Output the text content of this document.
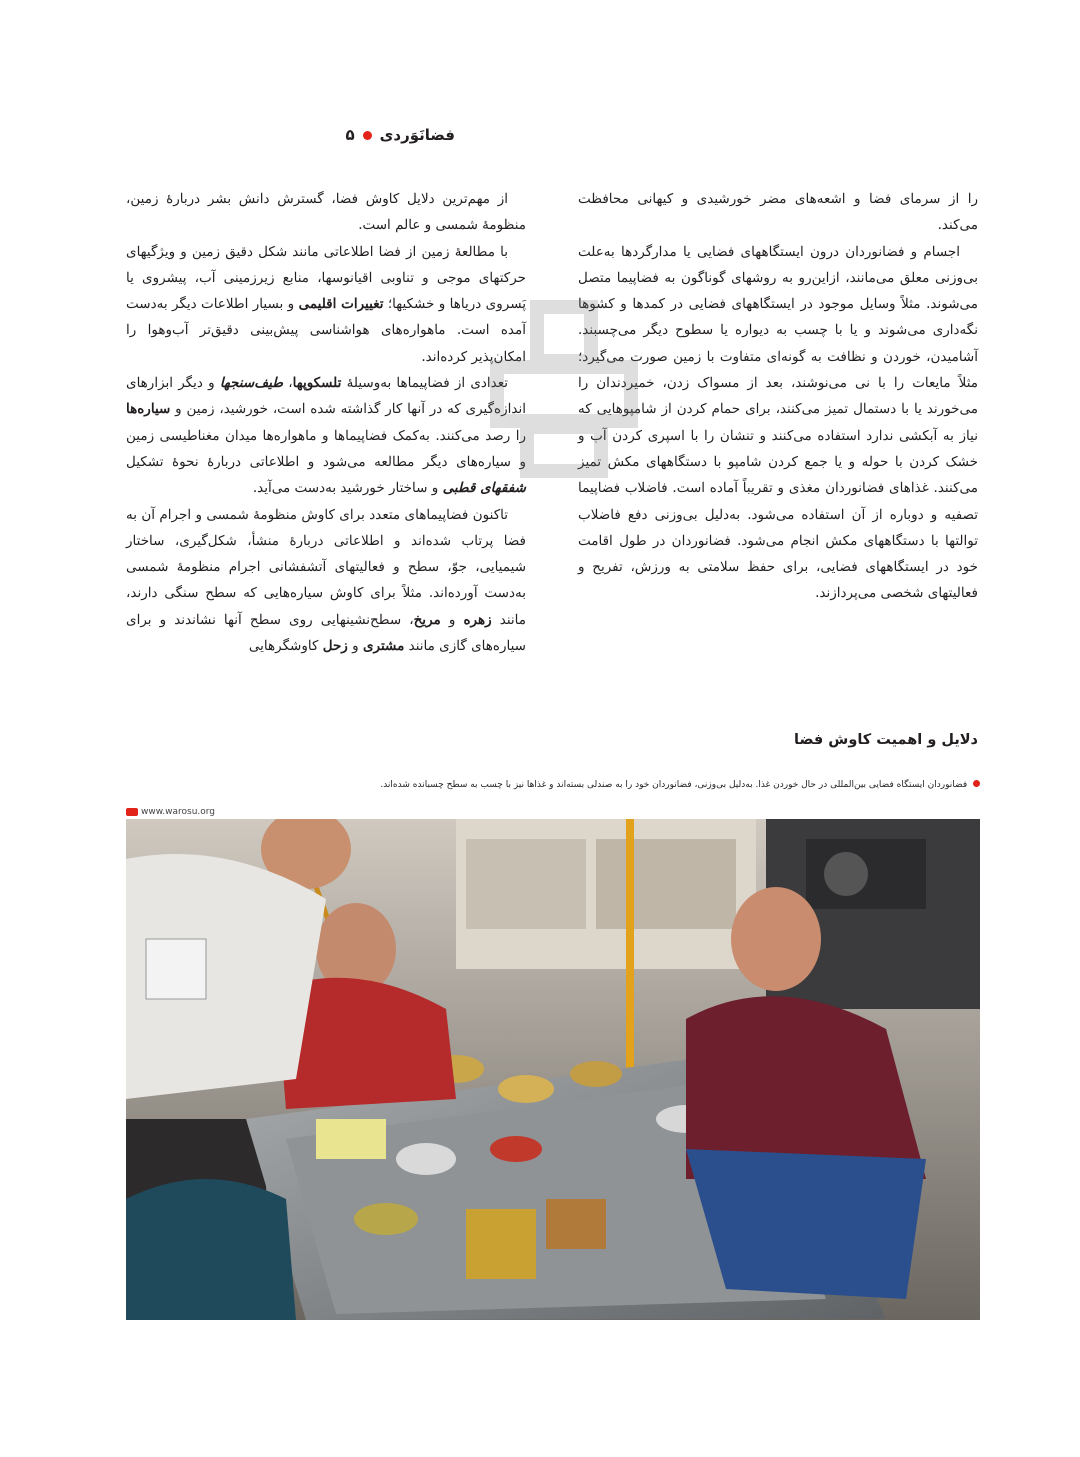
فضانَوَردی
۵

را از سرمای فضا و اشعه‌های مضر خورشیدی و کیهانی محافظت می‌کند.

اجسام و فضانوردان درون ایستگاههای فضایی یا مدارگردها به‌علت بی‌وزنی معلق می‌مانند، ازاین‌رو به روشهای گوناگون به فضاپیما متصل می‌شوند. مثلاً وسایل موجود در ایستگاههای فضایی در کمدها و کشوها نگه‌داری می‌شوند و یا با چسب به دیواره یا سطوح دیگر می‌چسبند. آشامیدن، خوردن و نظافت به گونه‌ای متفاوت با زمین صورت می‌گیرد؛ مثلاً مایعات را با نی می‌نوشند، بعد از مسواک زدن، خمیردندان را می‌خورند یا با دستمال تمیز می‌کنند، برای حمام کردن از شامپوهایی که نیاز به آبکشی ندارد استفاده می‌کنند و تنشان را با اسپری کردن آب و خشک کردن با حوله و یا جمع کردن شامپو با دستگاههای مکش تمیز می‌کنند. غذاهای فضانوردان مغذی و تقریباً آماده است. فاضلاب فضاپیما تصفیه و دوباره از آن استفاده می‌شود. به‌دلیل بی‌وزنی دفع فاضلاب توالتها با دستگاههای مکش انجام می‌شود. فضانوردان در طول اقامت خود در ایستگاههای فضایی، برای حفظ سلامتی به ورزش، تفریح و فعالیتهای شخصی می‌پردازند.

دلایل و اهمیت کاوش فضا

از مهم‌ترین دلایل کاوش فضا، گسترش دانش بشر دربارهٔ زمین، منظومهٔ شمسی و عالم است.

با مطالعهٔ زمین از فضا اطلاعاتی مانند شکل دقیق زمین و ویژگیهای حرکتهای موجی و تناوبی اقیانوسها، منابع زیرزمینی آب، پیشروی یا پَسروی دریاها و خشکیها؛ تغییرات اقلیمی و بسیار اطلاعات دیگر به‌دست آمده است. ماهواره‌های هواشناسی پیش‌بینی دقیق‌تر آب‌وهوا را امکان‌پذیر کرده‌اند.

تعدادی از فضاپیماها به‌وسیلهٔ تلسکوپها، طیف‌سنجها و دیگر ابزارهای اندازه‌گیری که در آنها کار گذاشته شده است، خورشید، زمین و سیاره‌ها را رصد می‌کنند. به‌کمک فضاپیماها و ماهواره‌ها میدان مغناطیسی زمین و سیاره‌های دیگر مطالعه می‌شود و اطلاعاتی دربارهٔ نحوهٔ تشکیل شفقهای قطبی و ساختار خورشید به‌دست می‌آید.

تاکنون فضاپیماهای متعدد برای کاوش منظومهٔ شمسی و اجرام آن به فضا پرتاب شده‌اند و اطلاعاتی دربارهٔ منشأ، شکل‌گیری، ساختار شیمیایی، جوّ، سطح و فعالیتهای آتشفشانی اجرام منظومهٔ شمسی به‌دست آورده‌اند. مثلاً برای کاوش سیاره‌هایی که سطح سنگی دارند، مانند زهره و مریخ، سطح‌نشینهایی روی سطح آنها نشاندند و برای سیاره‌های گازی مانند مشتری و زحل کاوشگرهایی

فضانوردان ایستگاه فضایی بین‌المللی در حال خوردن غذا. به‌دلیل بی‌وزنی، فضانوردان خود را به صندلی بسته‌اند و غذاها نیز با چسب به سطح چسبانده شده‌اند.
www.warosu.org
